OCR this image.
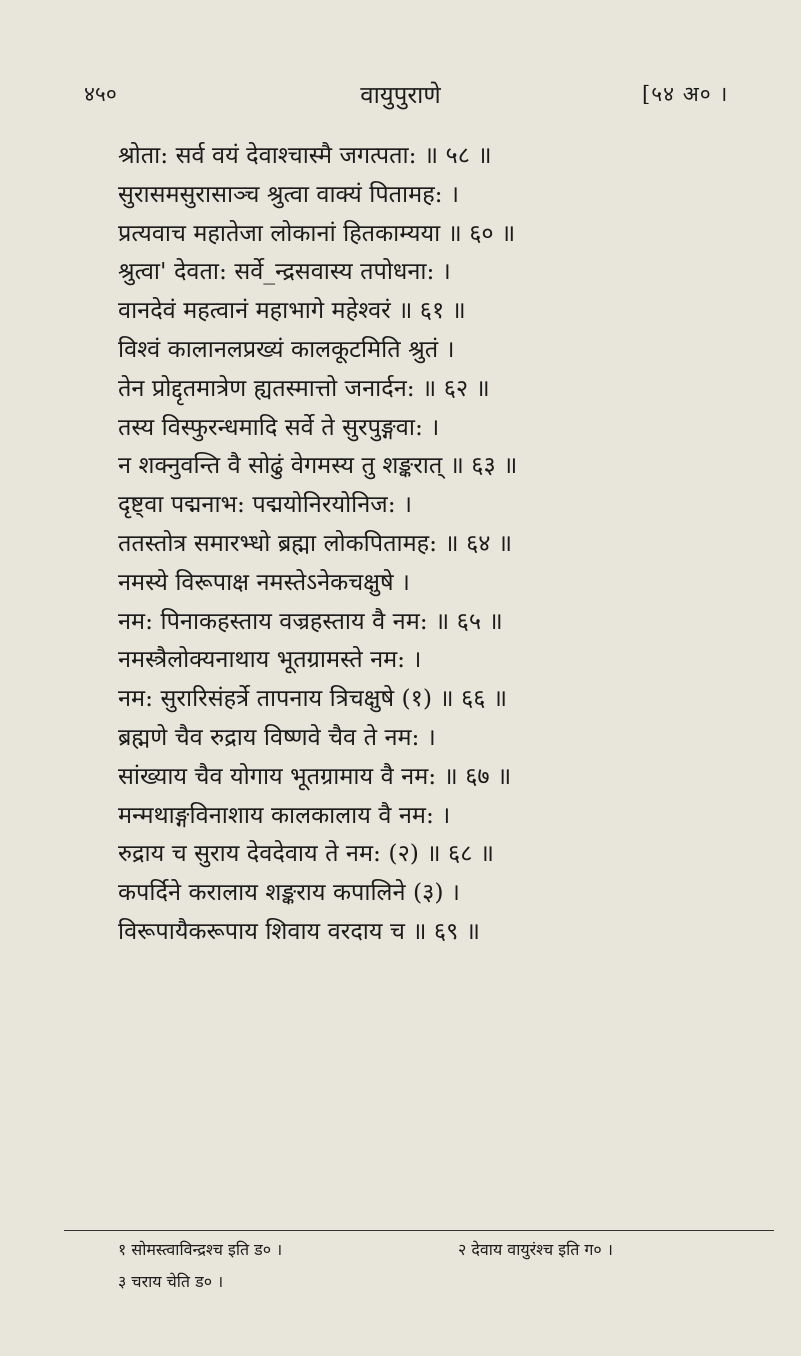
४५०	वायुपुराणे	[५४ अ० ।
श्रोता: सर्व वयं देवाश्चास्मै जगत्पता: ॥ ५८ ॥
सुरासमसुरासाञ्च श्रुत्वा वाक्यं पितामह: ।
प्रत्यवाच महातेजा लोकानां हितकाम्यया ॥ ६० ॥
श्रुत्वा' देवता: सर्वे_न्द्रसवास्य तपोधना: ।
वानदेवं महत्वानं महाभागे महेश्वरं ॥ ६१ ॥
विश्वं कालानलप्रख्यं कालकूटमिति श्रुतं ।
तेन प्रोद्दृतमात्रेण ह्यतस्मात्तो जनार्दन: ॥ ६२ ॥
तस्य विस्फुरन्धमादि सर्वे ते सुरपुङ्गवा: ।
न शक्नुवन्ति वै सोढुं वेगमस्य तु शङ्करात् ॥ ६३ ॥
दृष्ट्वा पद्मनाभ: पद्मयोनिरयोनिज: ।
ततस्तोत्र समारभ्धो ब्रह्मा लोकपितामह: ॥ ६४ ॥
नमस्ये विरूपाक्ष नमस्तेऽनेकचक्षुषे ।
नम: पिनाकहस्ताय वज्रहस्ताय वै नम: ॥ ६५ ॥
नमस्त्रैलोक्यनाथाय भूतग्रामस्ते नम: ।
नम: सुरारिसंहर्त्रे तापनाय त्रिचक्षुषे (१) ॥ ६६ ॥
ब्रह्मणे चैव रुद्राय विष्णवे चैव ते नम: ।
सांख्याय चैव योगाय भूतग्रामाय वै नम: ॥ ६७ ॥
मन्मथाङ्गविनाशाय कालकालाय वै नम: ।
रुद्राय च सुराय देवदेवाय ते नम: (२) ॥ ६८ ॥
कपर्दिने करालाय शङ्कराय कपालिने (३) ।
विरूपायैकरूपाय शिवाय वरदाय च ॥ ६९ ॥
१ सोमस्त्वाविन्द्रश्च इति ड० ।	२ देवाय वायुरंश्च इति ग० ।
३ चराय चेति ड० ।
